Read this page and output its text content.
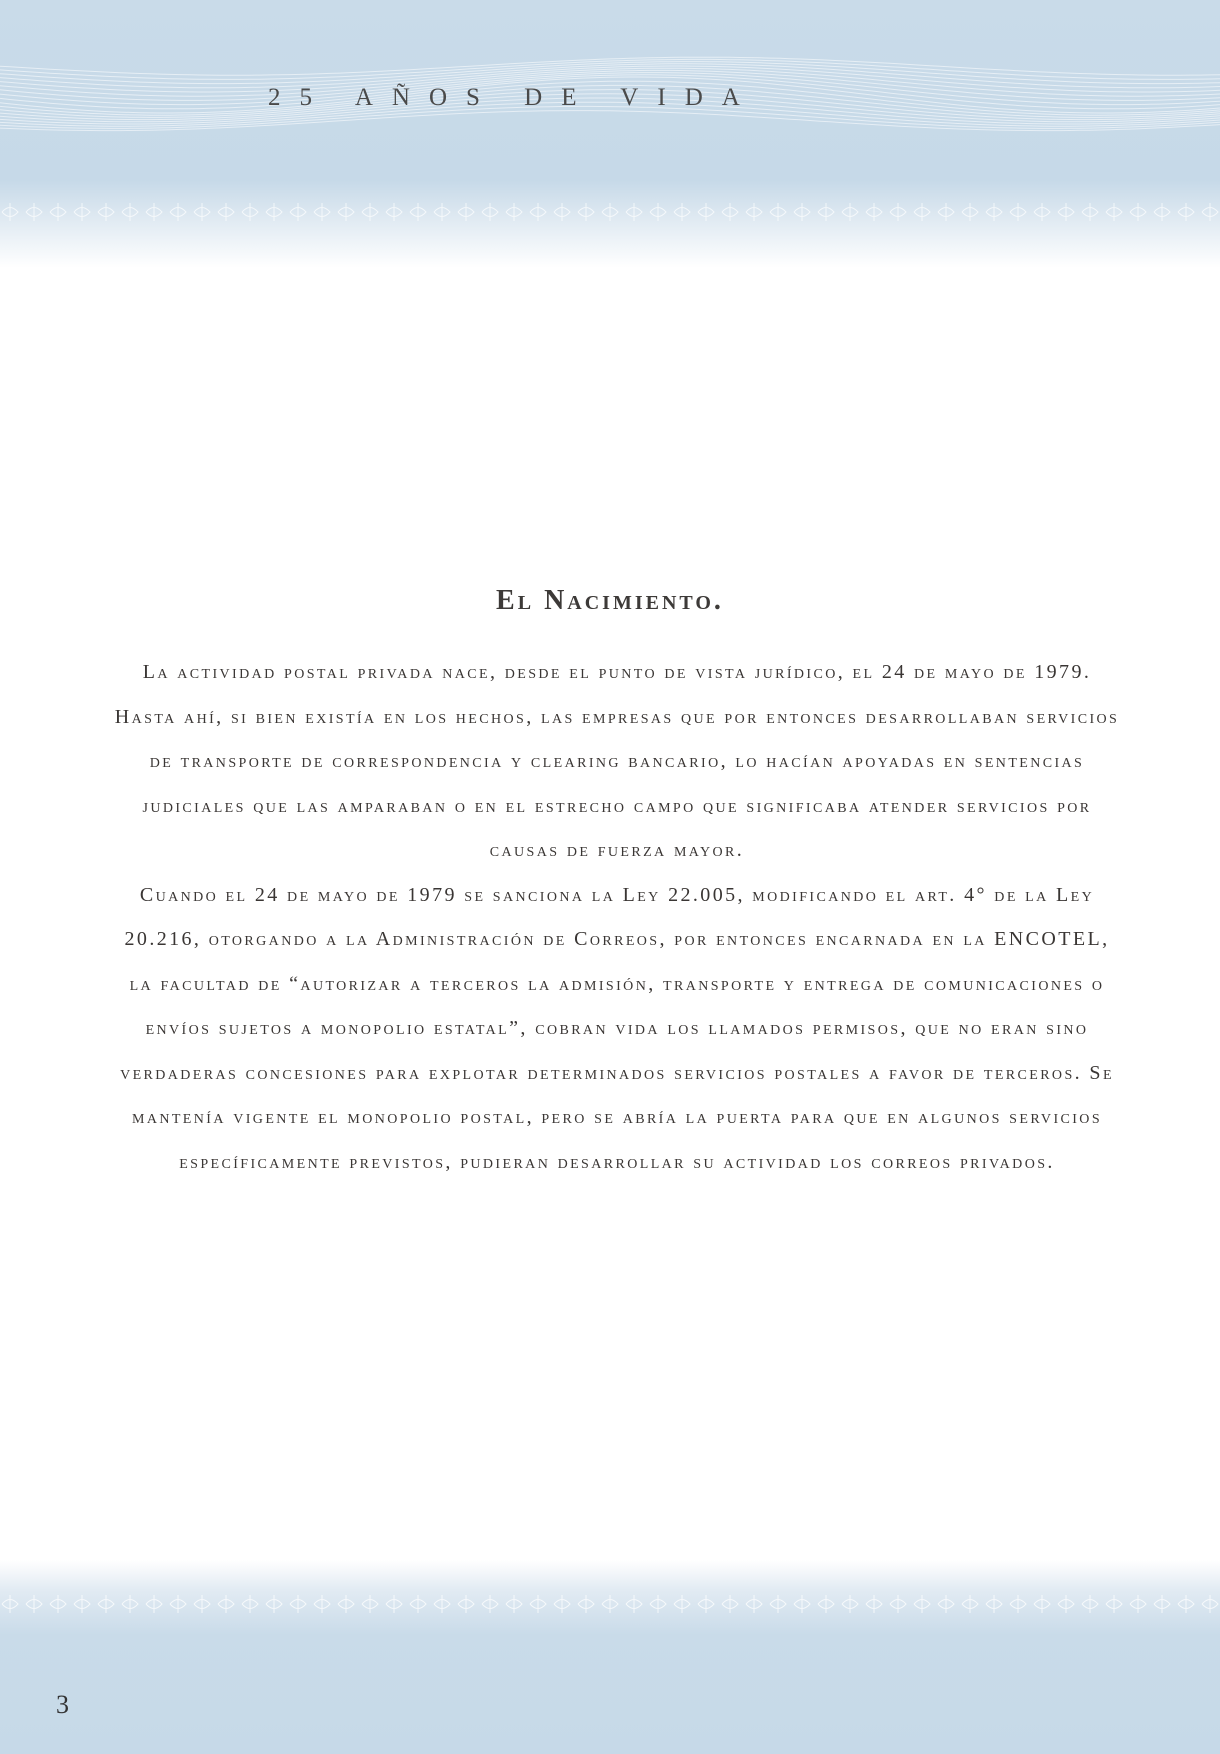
25 AÑOS DE VIDA
El Nacimiento.

La actividad postal privada nace, desde el punto de vista jurídico, el 24 de mayo de 1979. Hasta ahí, si bien existía en los hechos, las empresas que por entonces desarrollaban servicios de transporte de correspondencia y clearing bancario, lo hacían apoyadas en sentencias judiciales que las amparaban o en el estrecho campo que significaba atender servicios por causas de fuerza mayor.

Cuando el 24 de mayo de 1979 se sanciona la Ley 22.005, modificando el art. 4° de la Ley 20.216, otorgando a la Administración de Correos, por entonces encarnada en la ENCOTEL, la facultad de “autorizar a terceros la admisión, transporte y entrega de comunicaciones o envíos sujetos a monopolio estatal”, cobran vida los llamados permisos, que no eran sino verdaderas concesiones para explotar determinados servicios postales a favor de terceros. Se mantenía vigente el monopolio postal, pero se abría la puerta para que en algunos servicios específicamente previstos, pudieran desarrollar su actividad los correos privados.

3
